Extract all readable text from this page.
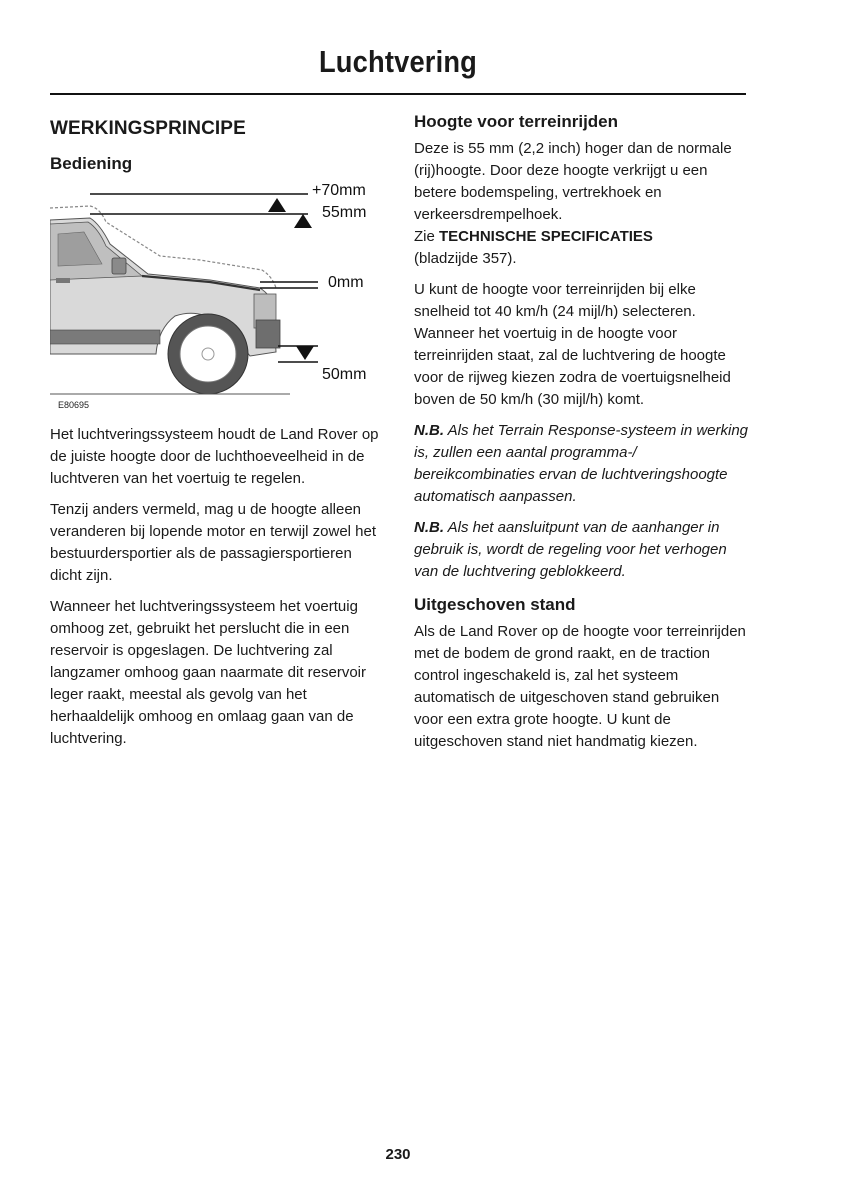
Luchtvering
WERKINGSPRINCIPE
Bediening
+70mm
55mm
0mm
50mm
E80695

Het luchtveringssysteem houdt de Land Rover op de juiste hoogte door de luchthoeveelheid in de luchtveren van het voertuig te regelen.

Tenzij anders vermeld, mag u de hoogte alleen veranderen bij lopende motor en terwijl zowel het bestuurdersportier als de passagiersportieren dicht zijn.

Wanneer het luchtveringssysteem het voertuig omhoog zet, gebruikt het perslucht die in een reservoir is opgeslagen. De luchtvering zal langzamer omhoog gaan naarmate dit reservoir leger raakt, meestal als gevolg van het herhaaldelijk omhoog en omlaag gaan van de luchtvering.

Hoogte voor terreinrijden

Deze is 55 mm (2,2 inch) hoger dan de normale (rij)hoogte. Door deze hoogte verkrijgt u een betere bodemspeling, vertrekhoek en verkeersdrempelhoek.
Zie TECHNISCHE SPECIFICATIES
(bladzijde 357).

U kunt de hoogte voor terreinrijden bij elke snelheid tot 40 km/h (24 mijl/h) selecteren. Wanneer het voertuig in de hoogte voor terreinrijden staat, zal de luchtvering de hoogte voor de rijweg kiezen zodra de voertuigsnelheid boven de 50 km/h (30 mijl/h) komt.

N.B. Als het Terrain Response-systeem in werking is, zullen een aantal programma-/ bereikcombinaties ervan de luchtveringshoogte automatisch aanpassen.

N.B. Als het aansluitpunt van de aanhanger in gebruik is, wordt de regeling voor het verhogen van de luchtvering geblokkeerd.

Uitgeschoven stand

Als de Land Rover op de hoogte voor terreinrijden met de bodem de grond raakt, en de traction control ingeschakeld is, zal het systeem automatisch de uitgeschoven stand gebruiken voor een extra grote hoogte. U kunt de uitgeschoven stand niet handmatig kiezen.

230
